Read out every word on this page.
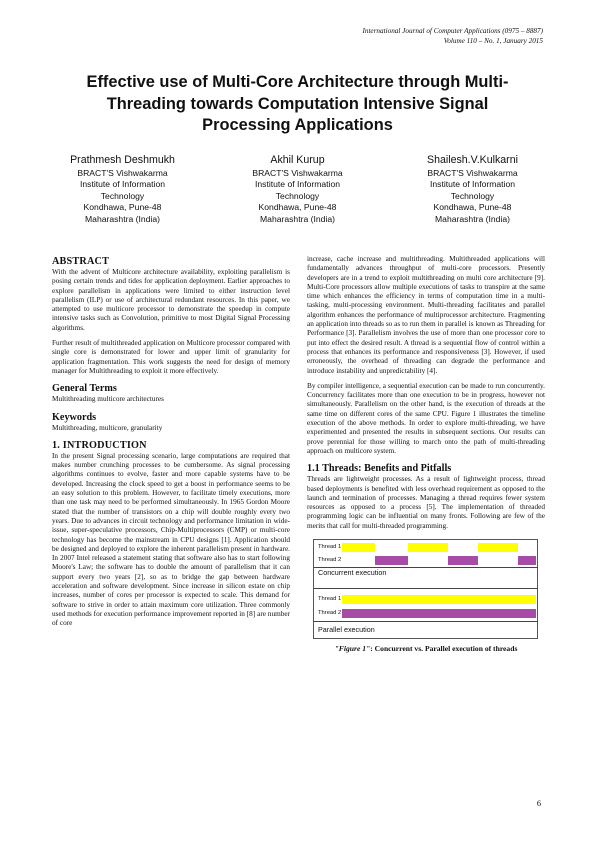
International Journal of Computer Applications (0975 – 8887)
Volume 110 – No. 1, January 2015
Effective use of Multi-Core Architecture through Multi-
Threading towards Computation Intensive Signal
Processing Applications
Prathmesh Deshmukh
BRACT'S Vishwakarma
Institute of Information
Technology
Kondhawa, Pune-48
Maharashtra (India)
Akhil Kurup
BRACT'S Vishwakarma
Institute of Information
Technology
Kondhawa, Pune-48
Maharashtra (India)
Shailesh.V.Kulkarni
BRACT'S Vishwakarma
Institute of Information
Technology
Kondhawa, Pune-48
Maharashtra (India)
ABSTRACT

With the advent of Multicore architecture availability, exploiting parallelism is posing certain trends and tides for application deployment. Earlier approaches to explore parallelism in applications were limited to either instruction level parallelism (ILP) or use of architectural redundant resources. In this paper, we attempted to use multicore processor to demonstrate the speedup in compute intensive tasks such as Convolution, primitive to most Digital Signal Processing algorithms.

Further result of multithreaded application on Multicore processor compared with single core is demonstrated for lower and upper limit of granularity for application fragmentation. This work suggests the need for design of memory manager for Multithreading to exploit it more effectively.

General Terms

Multithreading multicore architectures

Keywords

Multithreading, multicore, granularity

1. INTRODUCTION

In the present Signal processing scenario, large computations are required that makes number crunching processes to be cumbersome. As signal processing algorithms continues to evolve, faster and more capable systems have to be developed. Increasing the clock speed to get a boost in performance seems to be an easy solution to this problem. However, to facilitate timely executions, more than one task may need to be performed simultaneously. In 1965 Gordon Moore stated that the number of transistors on a chip will double roughly every two years. Due to advances in circuit technology and performance limitation in wide-issue, super-speculative processors, Chip-Multiprocessors (CMP) or multi-core technology has become the mainstream in CPU designs [1]. Application should be designed and deployed to explore the inherent parallelism present in hardware. In 2007 Intel released a statement stating that software also has to start following Moore's Law; the software has to double the amount of parallelism that it can support every two years [2], so as to bridge the gap between hardware acceleration and software development. Since increase in silicon estate on chip increases, number of cores per processor is expected to scale. This demand for software to strive in order to attain maximum core utilization. Three commonly used methods for execution performance improvement reported in [8] are number of core

increase, cache increase and multithreading. Multithreaded applications will fundamentally advances throughput of multi-core processors. Presently developers are in a trend to exploit multithreading on multi core architecture [9]. Multi-Core processors allow multiple executions of tasks to transpire at the same time which enhances the efficiency in terms of computation time in a multi-tasking, multi-processing environment. Multi-threading facilitates and parallel algorithm enhances the performance of multiprocessor architecture. Fragmenting an application into threads so as to run them in parallel is known as Threading for Performance [3]. Parallelism involves the use of more than one processor core to put into effect the desired result. A thread is a sequential flow of control within a process that enhances its performance and responsiveness [3]. However, if used erroneously, the overhead of threading can degrade the performance and introduce instability and unpredictability [4].

By compiler intelligence, a sequential execution can be made to run concurrently. Concurrency facilitates more than one execution to be in progress, however not simultaneously. Parallelism on the other hand, is the execution of threads at the same time on different cores of the same CPU. Figure 1 illustrates the timeline execution of the above methods. In order to explore multi-threading, we have experimented and presented the results in subsequent sections. Our results can prove perennial for those willing to march onto the path of multi-threading approach on multicore system.

1.1 Threads: Benefits and Pitfalls

Threads are lightweight processes. As a result of lightweight process, thread based deployments is benefited with less overhead requirement as opposed to the launch and termination of processes. Managing a thread requires fewer system resources as opposed to a process [5]. The implementation of threaded programming logic can be influential on many fronts. Following are few of the merits that call for multi-threaded programming.

Thread 1
Thread 2
Concurrent execution
Thread 1
Thread 2
Parallel execution
"Figure 1": Concurrent vs. Parallel execution of threads
6
